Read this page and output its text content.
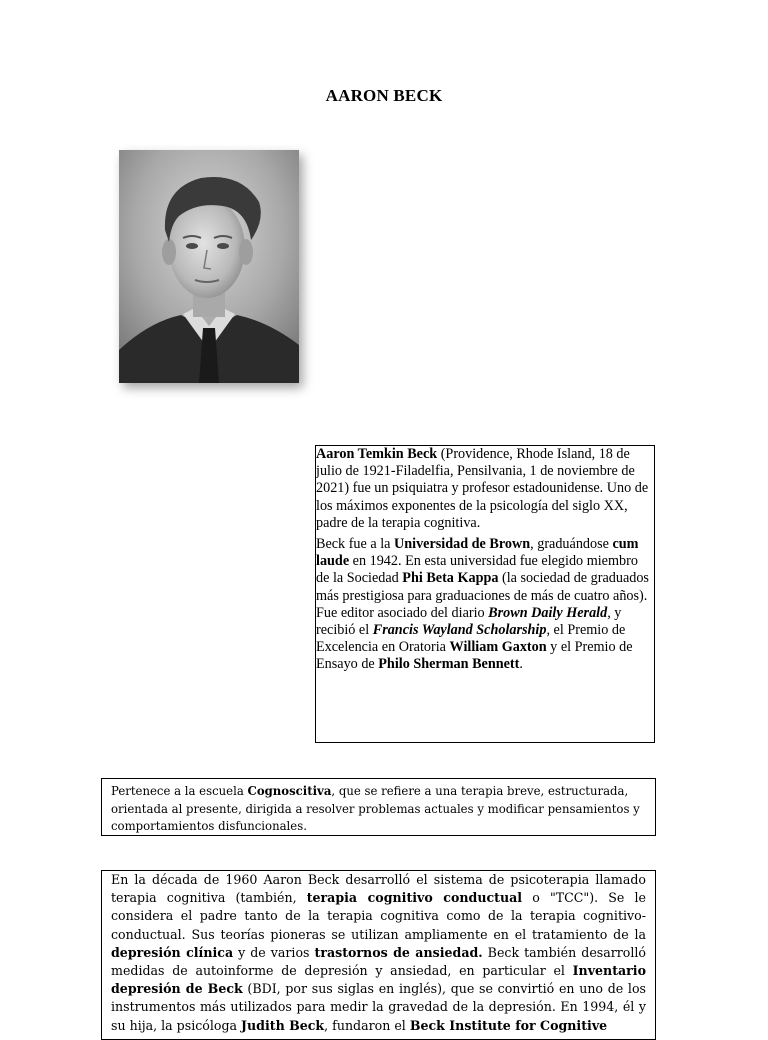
AARON BECK

Aaron Temkin Beck (Providence, Rhode Island, 18 de julio de 1921-Filadelfia, Pensilvania, 1 de noviembre de 2021) fue un psiquiatra y profesor estadounidense. Uno de los máximos exponentes de la psicología del siglo XX, padre de la terapia cognitiva.

Beck fue a la Universidad de Brown, graduándose cum laude en 1942. En esta universidad fue elegido miembro de la Sociedad Phi Beta Kappa (la sociedad de graduados más prestigiosa para graduaciones de más de cuatro años). Fue editor asociado del diario Brown Daily Herald, y recibió el Francis Wayland Scholarship, el Premio de Excelencia en Oratoria William Gaxton y el Premio de Ensayo de Philo Sherman Bennett.

Pertenece a la escuela Cognoscitiva, que se refiere a una terapia breve, estructurada, orientada al presente, dirigida a resolver problemas actuales y modificar pensamientos y comportamientos disfuncionales.
En la década de 1960 Aaron Beck desarrolló el sistema de psicoterapia llamado terapia cognitiva (también, terapia cognitivo conductual o "TCC"). Se le considera el padre tanto de la terapia cognitiva como de la terapia cognitivo-conductual. Sus teorías pioneras se utilizan ampliamente en el tratamiento de la depresión clínica y de varios trastornos de ansiedad. Beck también desarrolló medidas de autoinforme de depresión y ansiedad, en particular el Inventario depresión de Beck (BDI, por sus siglas en inglés), que se convirtió en uno de los instrumentos más utilizados para medir la gravedad de la depresión. En 1994, él y su hija, la psicóloga Judith Beck, fundaron el Beck Institute for Cognitive
